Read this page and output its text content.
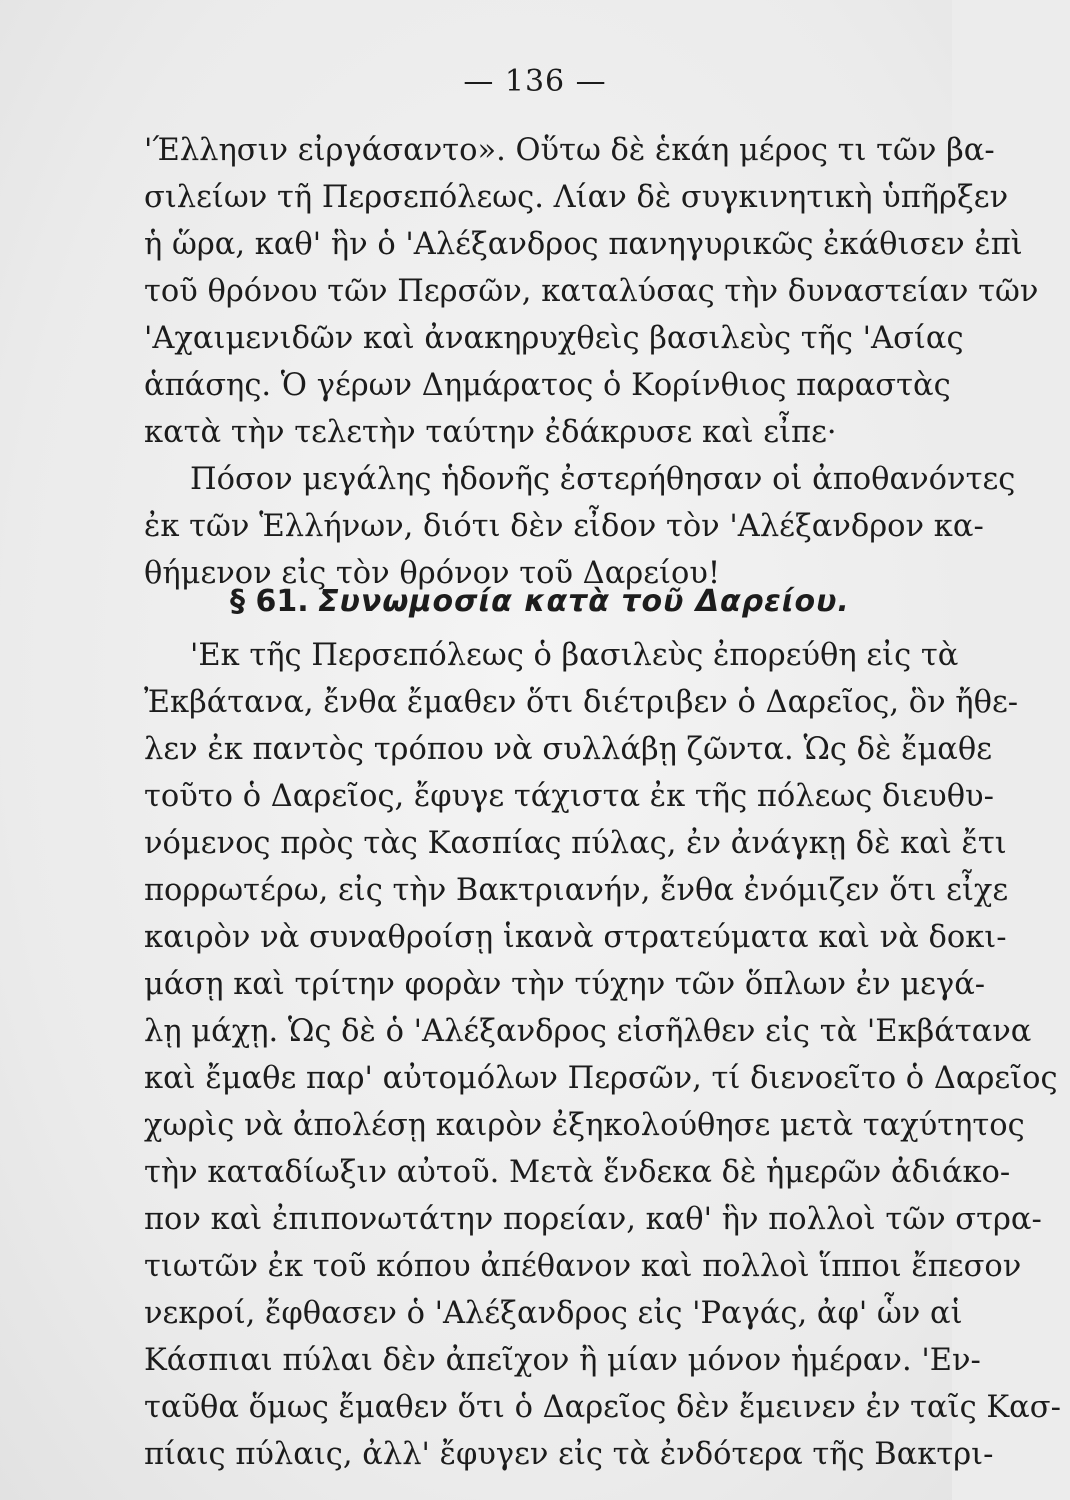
— 136 —
'Έλλησιν εἰργάσαντο». Οὕτω δὲ ἑκάη μέρος τι τῶν βα-
σιλείων τῆ Περσεπόλεως. Λίαν δὲ συγκινητικὴ ὑπῆρξεν
ἡ ὥρα, καθ' ἣν ὁ 'Αλέξανδρος πανηγυρικῶς ἐκάθισεν ἐπὶ
τοῦ θρόνου τῶν Περσῶν, καταλύσας τὴν δυναστείαν τῶν
'Αχαιμενιδῶν καὶ ἀνακηρυχθεὶς βασιλεὺς τῆς 'Ασίας
ἁπάσης. Ὁ γέρων Δημάρατος ὁ Κορίνθιος παραστὰς
κατὰ τὴν τελετὴν ταύτην ἐδάκρυσε καὶ εἶπε·
Πόσον μεγάλης ἡδονῆς ἐστερήθησαν οἱ ἀποθανόντες
ἐκ τῶν Ἑλλήνων, διότι δὲν εἶδον τὸν 'Αλέξανδρον κα-
θήμενον εἰς τὸν θρόνον τοῦ Δαρείου!
§ 61. Συνωμοσία κατὰ τοῦ Δαρείου.
'Εκ τῆς Περσεπόλεως ὁ βασιλεὺς ἐπορεύθη εἰς τὰ
Ἐκβάτανα, ἔνθα ἔμαθεν ὅτι διέτριβεν ὁ Δαρεῖος, ὃν ἤθε-
λεν ἐκ παντὸς τρόπου νὰ συλλάβῃ ζῶντα. Ὡς δὲ ἔμαθε
τοῦτο ὁ Δαρεῖος, ἔφυγε τάχιστα ἐκ τῆς πόλεως διευθυ-
νόμενος πρὸς τὰς Κασπίας πύλας, ἐν ἀνάγκῃ δὲ καὶ ἔτι
πορρωτέρω, εἰς τὴν Βακτριανήν, ἔνθα ἐνόμιζεν ὅτι εἶχε
καιρὸν νὰ συναθροίσῃ ἱκανὰ στρατεύματα καὶ νὰ δοκι-
μάσῃ καὶ τρίτην φορὰν τὴν τύχην τῶν ὅπλων ἐν μεγά-
λῃ μάχῃ. Ὡς δὲ ὁ 'Αλέξανδρος εἰσῆλθεν εἰς τὰ 'Εκβάτανα
καὶ ἔμαθε παρ' αὐτομόλων Περσῶν, τί διενοεῖτο ὁ Δαρεῖος
χωρὶς νὰ ἀπολέσῃ καιρὸν ἐξηκολούθησε μετὰ ταχύτητος
τὴν καταδίωξιν αὐτοῦ. Μετὰ ἕνδεκα δὲ ἡμερῶν ἀδιάκο-
πον καὶ ἐπιπονωτάτην πορείαν, καθ' ἣν πολλοὶ τῶν στρα-
τιωτῶν ἐκ τοῦ κόπου ἀπέθανον καὶ πολλοὶ ἵπποι ἔπεσον
νεκροί, ἔφθασεν ὁ 'Αλέξανδρος εἰς 'Ραγάς, ἀφ' ὧν αἱ
Κάσπιαι πύλαι δὲν ἀπεῖχον ἢ μίαν μόνον ἡμέραν. 'Εν-
ταῦθα ὅμως ἔμαθεν ὅτι ὁ Δαρεῖος δὲν ἔμεινεν ἐν ταῖς Κασ-
πίαις πύλαις, ἀλλ' ἔφυγεν εἰς τὰ ἐνδότερα τῆς Βακτρι-
